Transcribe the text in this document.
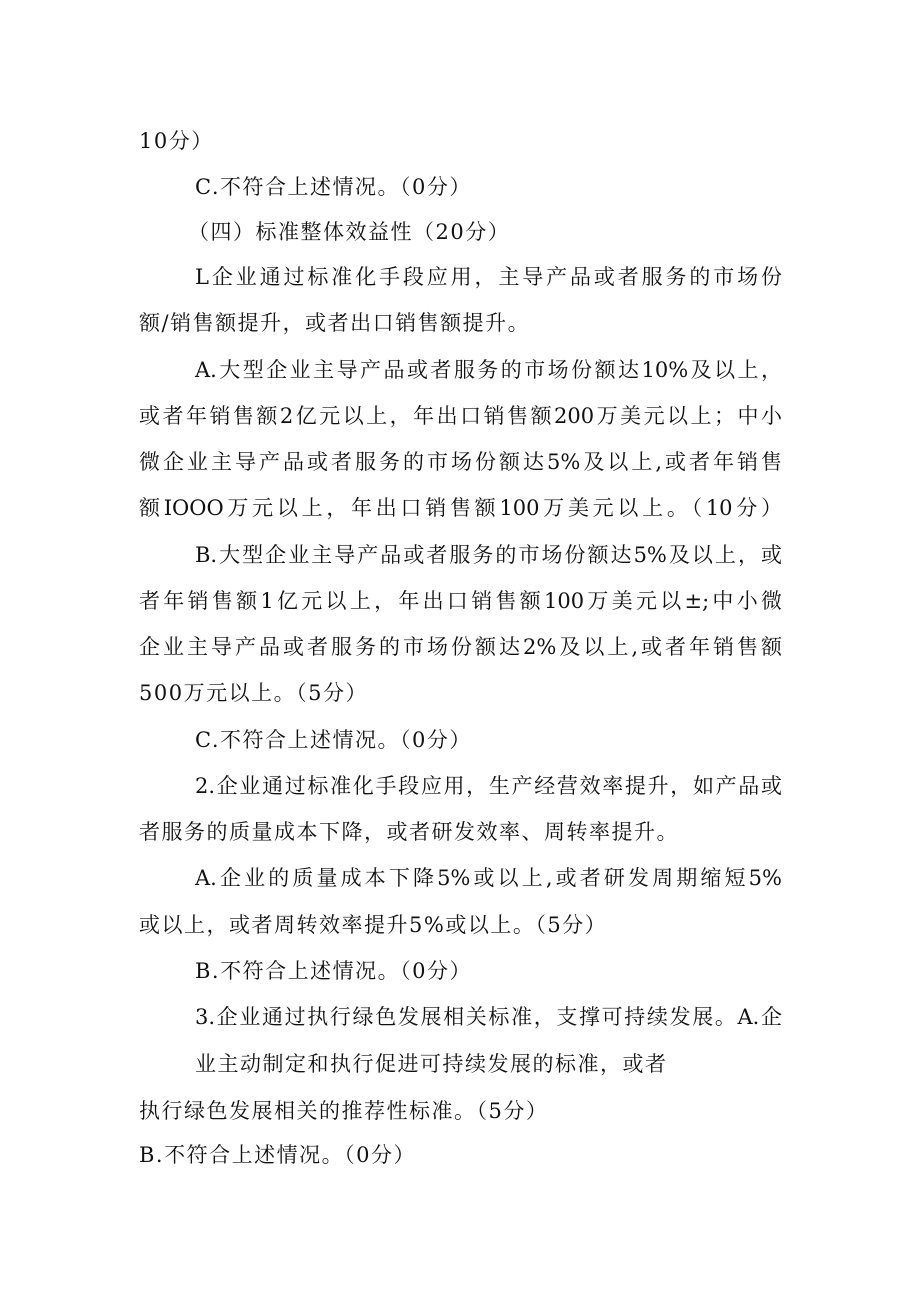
10分）
C.不符合上述情况。（0分）
（四）标准整体效益性（20分）
L企业通过标准化手段应用，主导产品或者服务的市场份
额/销售额提升，或者出口销售额提升。
A.大型企业主导产品或者服务的市场份额达10%及以上，
或者年销售额2亿元以上，年出口销售额200万美元以上；中小
微企业主导产品或者服务的市场份额达5%及以上,或者年销售
额IOOO万元以上，年出口销售额100万美元以上。（10分）
B.大型企业主导产品或者服务的市场份额达5%及以上，或
者年销售额1亿元以上，年出口销售额100万美元以±;中小微
企业主导产品或者服务的市场份额达2%及以上,或者年销售额
500万元以上。（5分）
C.不符合上述情况。（0分）
2.企业通过标准化手段应用，生产经营效率提升，如产品或
者服务的质量成本下降，或者研发效率、周转率提升。
A.企业的质量成本下降5%或以上,或者研发周期缩短5%
或以上，或者周转效率提升5%或以上。（5分）
B.不符合上述情况。（0分）
3.企业通过执行绿色发展相关标准，支撑可持续发展。A.企
业主动制定和执行促进可持续发展的标准，或者
执行绿色发展相关的推荐性标准。（5分）
B.不符合上述情况。（0分）
